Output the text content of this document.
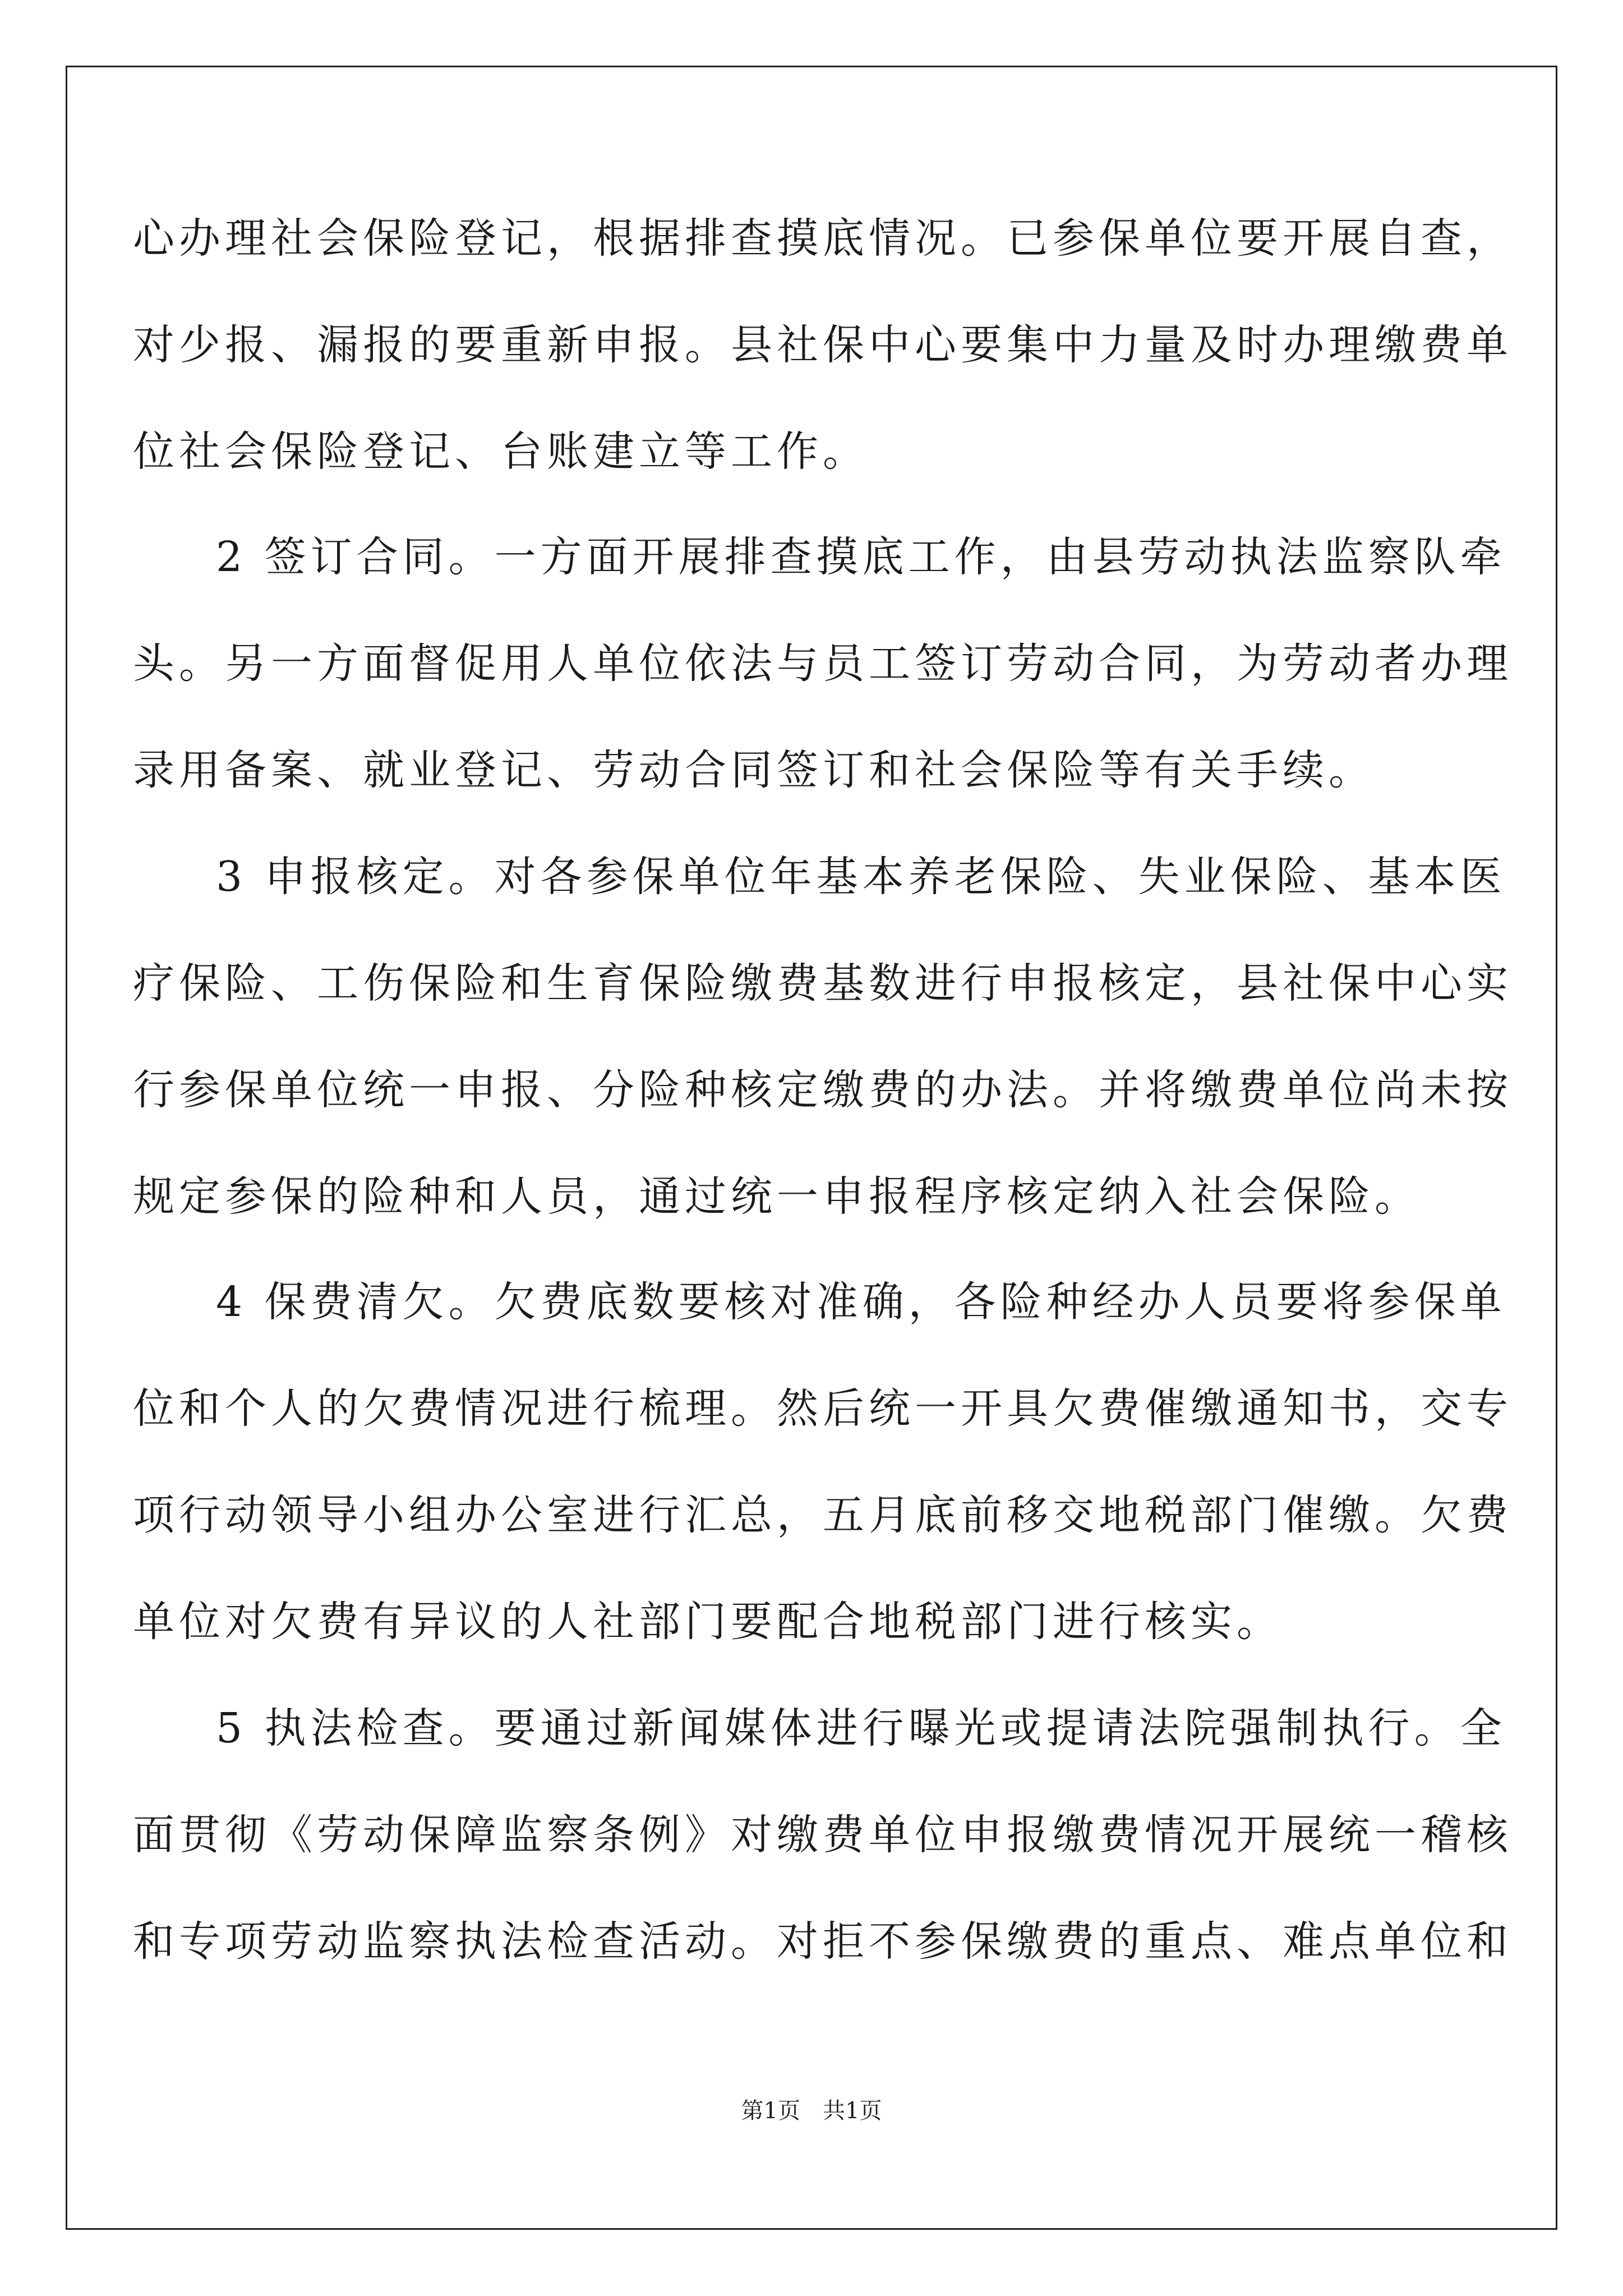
心办理社会保险登记，根据排查摸底情况。已参保单位要开展自查，
对少报、漏报的要重新申报。县社保中心要集中力量及时办理缴费单
位社会保险登记、台账建立等工作。
2 签订合同。一方面开展排查摸底工作，由县劳动执法监察队牵
头。另一方面督促用人单位依法与员工签订劳动合同，为劳动者办理
录用备案、就业登记、劳动合同签订和社会保险等有关手续。
3 申报核定。对各参保单位年基本养老保险、失业保险、基本医
疗保险、工伤保险和生育保险缴费基数进行申报核定，县社保中心实
行参保单位统一申报、分险种核定缴费的办法。并将缴费单位尚未按
规定参保的险种和人员，通过统一申报程序核定纳入社会保险。
4 保费清欠。欠费底数要核对准确，各险种经办人员要将参保单
位和个人的欠费情况进行梳理。然后统一开具欠费催缴通知书，交专
项行动领导小组办公室进行汇总，五月底前移交地税部门催缴。欠费
单位对欠费有异议的人社部门要配合地税部门进行核实。
5 执法检查。要通过新闻媒体进行曝光或提请法院强制执行。全
面贯彻《劳动保障监察条例》对缴费单位申报缴费情况开展统一稽核
和专项劳动监察执法检查活动。对拒不参保缴费的重点、难点单位和
第1页　共1页
